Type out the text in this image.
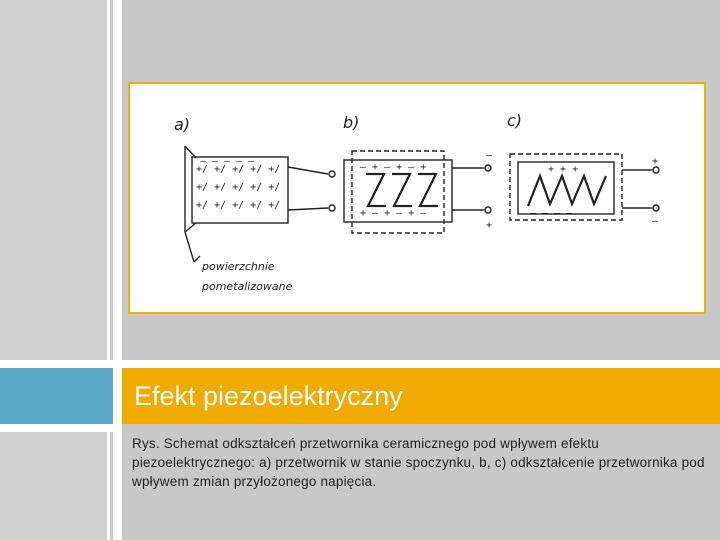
a)	b)	c)
+∕ +∕ +∕ +∕ +∕
+∕ +∕ +∕ +∕ +∕
+∕ +∕ +∕ +∕ +∕
– – – – –
powierzchnie
pometalizowane
– + – + – +
+ – + – + –
–
+
+ + +
– – – –
+
–
Efekt piezoelektryczny

Rys. Schemat odkształceń przetwornika ceramicznego pod wpływem efektu piezoelektrycznego: a) przetwornik w stanie spoczynku, b, c) odkształcenie przetwornika pod wpływem zmian przyłożonego napięcia.
